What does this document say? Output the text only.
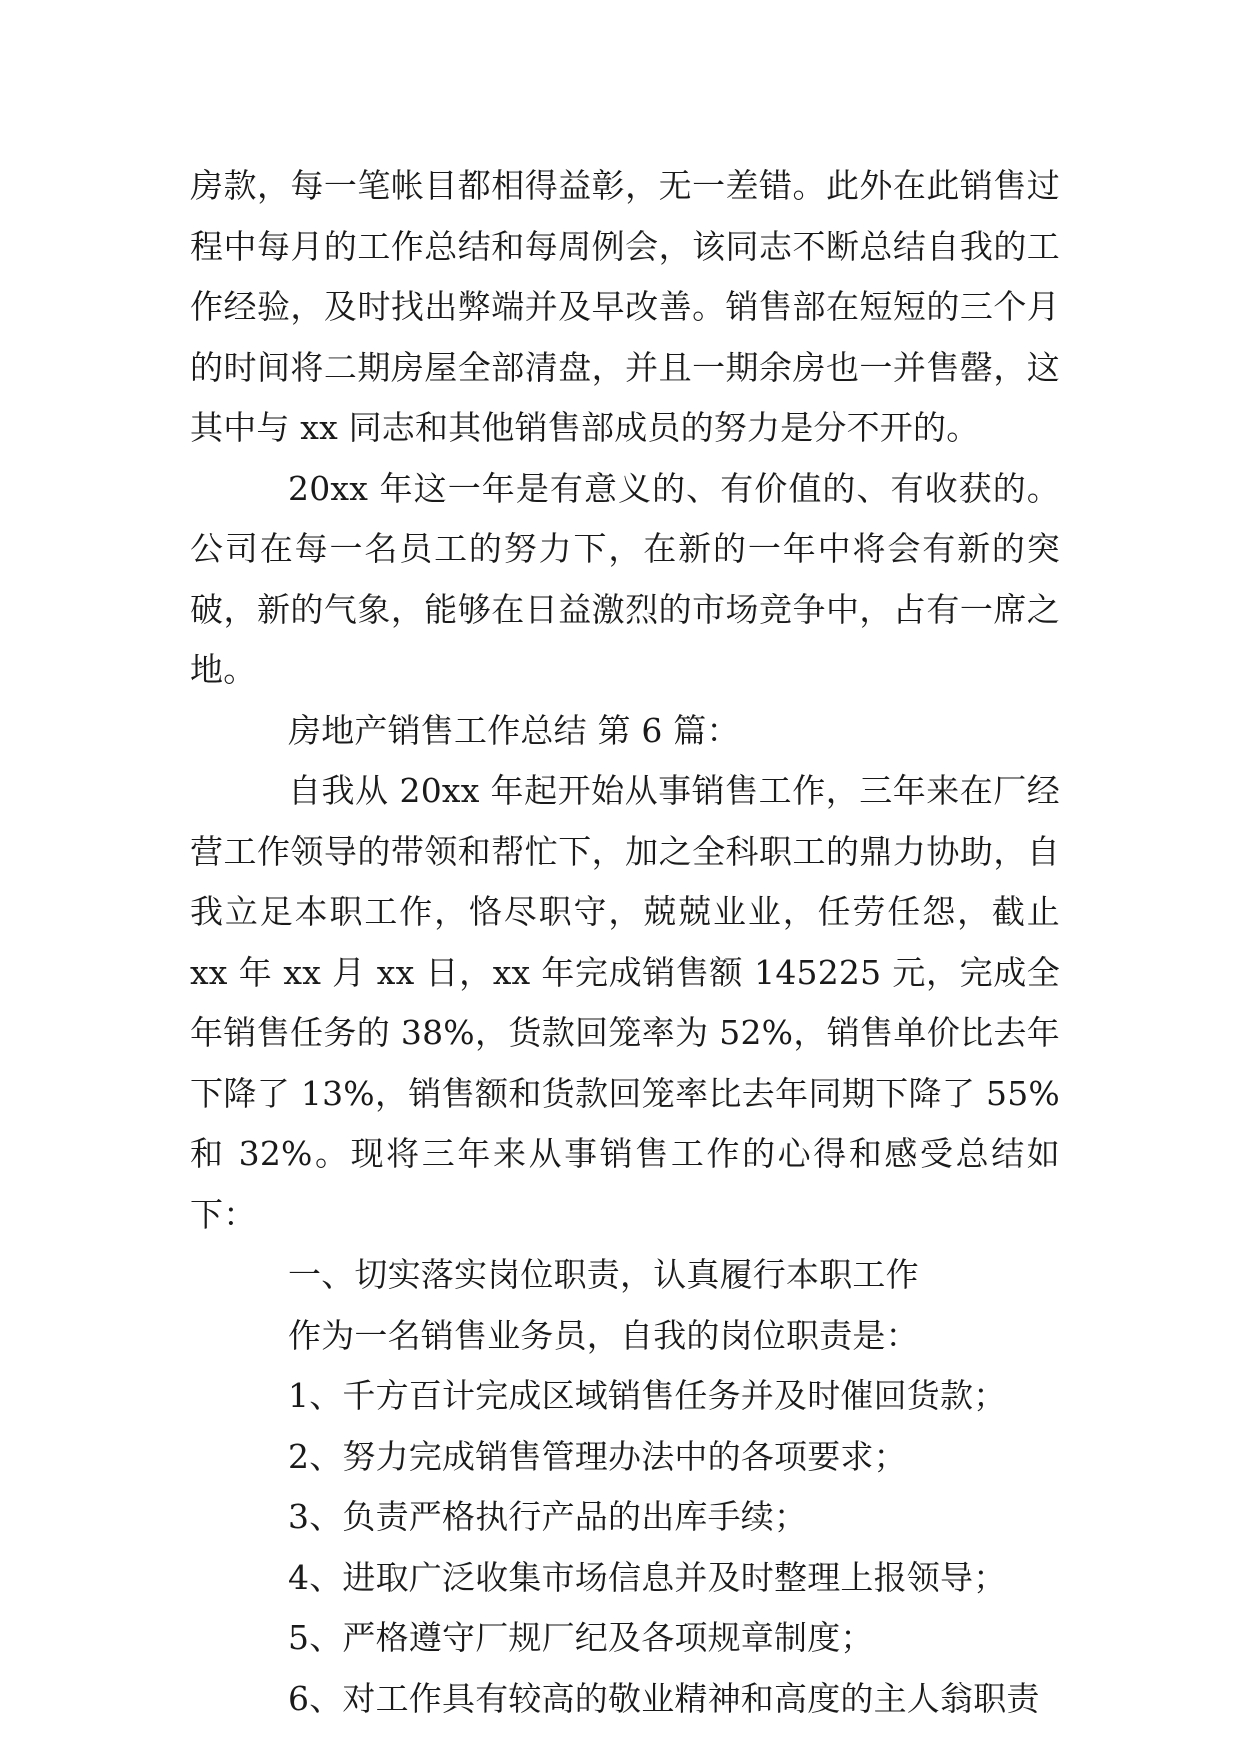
房款，每一笔帐目都相得益彰，无一差错。此外在此销售过程中每月的工作总结和每周例会，该同志不断总结自我的工作经验，及时找出弊端并及早改善。销售部在短短的三个月的时间将二期房屋全部清盘，并且一期余房也一并售罄，这其中与 xx 同志和其他销售部成员的努力是分不开的。

20xx 年这一年是有意义的、有价值的、有收获的。公司在每一名员工的努力下，在新的一年中将会有新的突破，新的气象，能够在日益激烈的市场竞争中，占有一席之地。

房地产销售工作总结 第 6 篇：

自我从 20xx 年起开始从事销售工作，三年来在厂经营工作领导的带领和帮忙下，加之全科职工的鼎力协助，自我立足本职工作，恪尽职守，兢兢业业，任劳任怨，截止 xx 年 xx 月 xx 日，xx 年完成销售额 145225 元，完成全年销售任务的 38%，货款回笼率为 52%，销售单价比去年下降了 13%，销售额和货款回笼率比去年同期下降了 55%和 32%。现将三年来从事销售工作的心得和感受总结如下：

一、切实落实岗位职责，认真履行本职工作

作为一名销售业务员，自我的岗位职责是：

1、千方百计完成区域销售任务并及时催回货款；

2、努力完成销售管理办法中的各项要求；

3、负责严格执行产品的出库手续；

4、进取广泛收集市场信息并及时整理上报领导；

5、严格遵守厂规厂纪及各项规章制度；

6、对工作具有较高的敬业精神和高度的主人翁职责
